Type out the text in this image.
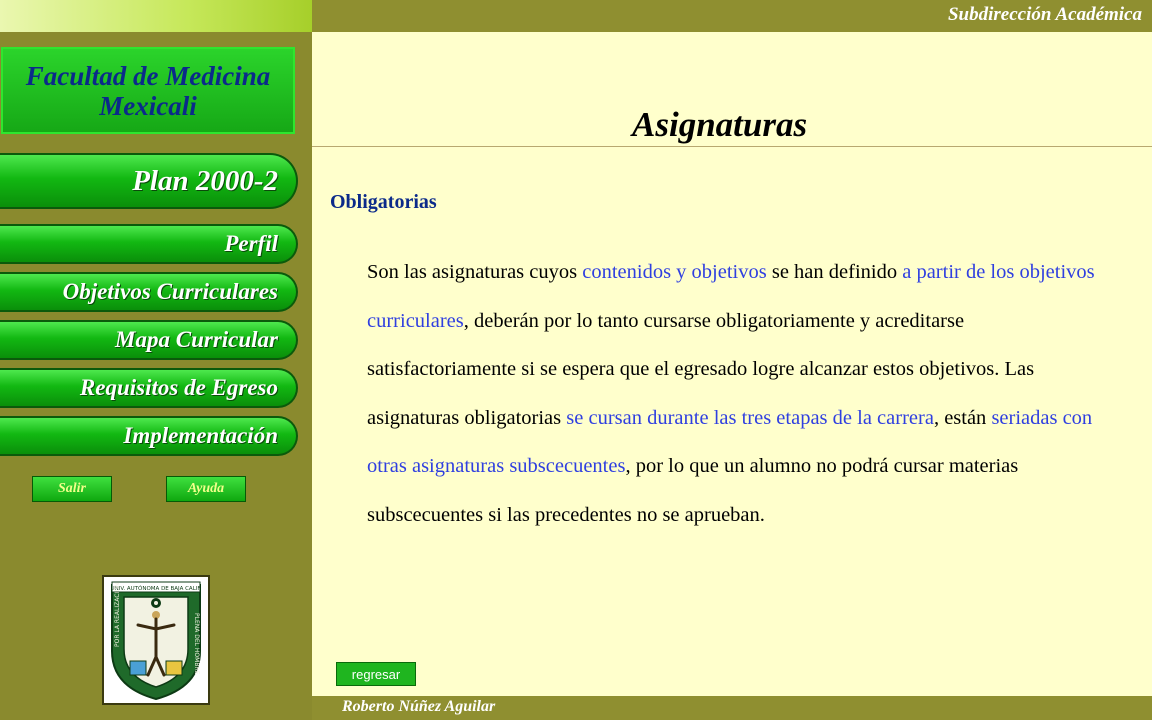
Subdirección Académica
Facultad de Medicina
Mexicali
Plan 2000-2
Perfil
Objetivos Curriculares
Mapa Curricular
Requisitos de Egreso
Implementación
Salir	Ayuda
UNIV. AUTÓNOMA DE BAJA CALIF.
POR LA REALIZACIÓN	PLENA DEL HOMBRE
Asignaturas
Obligatorias
Son las asignaturas cuyos contenidos y objetivos se han definido a partir de los objetivos curriculares, deberán por lo tanto cursarse obligatoriamente y acreditarse satisfactoriamente si se espera que el egresado logre alcanzar estos objetivos. Las asignaturas obligatorias se cursan durante las tres etapas de la carrera, están seriadas con otras asignaturas subscecuentes, por lo que un alumno no podrá cursar materias subscecuentes si las precedentes no se aprueban.
regresar
Roberto Núñez Aguilar
